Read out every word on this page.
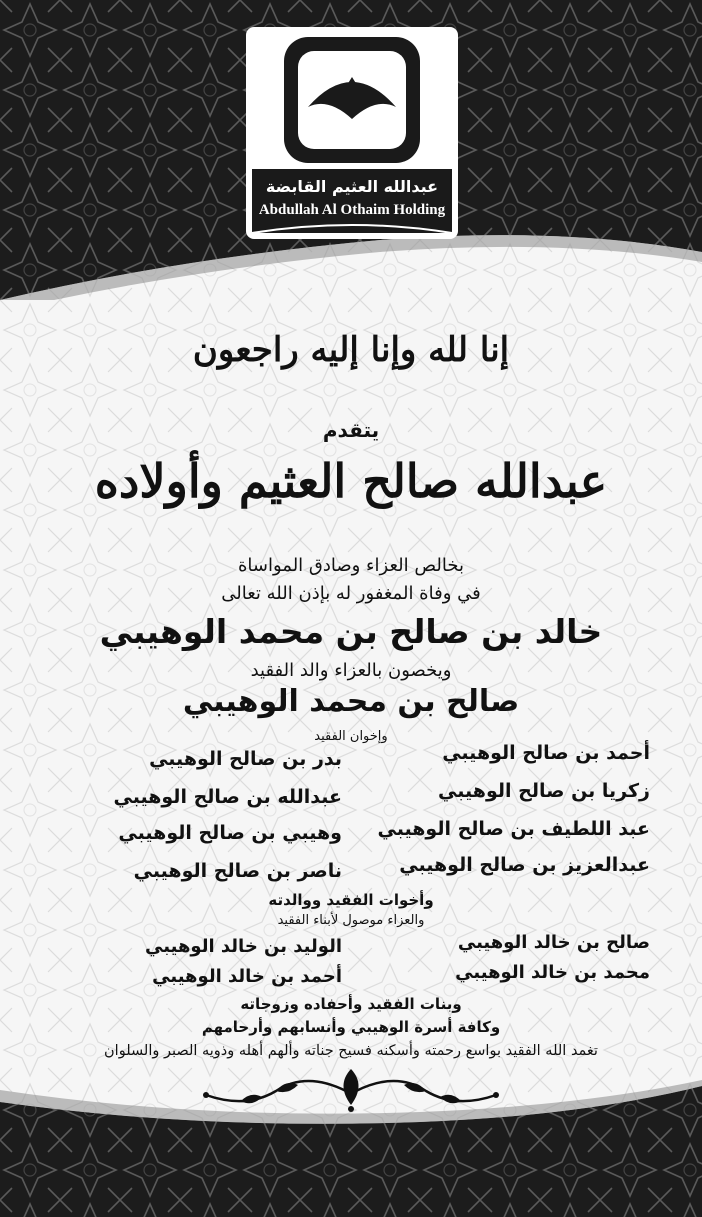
عبدالله العثيم القابضة
Abdullah Al Othaim Holding
إنا لله وإنا إليه راجعون
يتقدم
عبدالله صالح العثيم وأولاده
بخالص العزاء وصادق المواساة
في وفاة المغفور له بإذن الله تعالى
خالد بن صالح بن محمد الوهيبي
ويخصون بالعزاء والد الفقيد
صالح بن محمد الوهيبي
وإخوان الفقيد
أحمد بن صالح الوهيبي
بدر بن صالح الوهيبي
زكريا بن صالح الوهيبي
عبدالله بن صالح الوهيبي
عبد اللطيف بن صالح الوهيبي
وهيبي بن صالح الوهيبي
عبدالعزيز بن صالح الوهيبي
ناصر بن صالح الوهيبي
وأخوات الفقيد ووالدته
والعزاء موصول لأبناء الفقيد
صالح بن خالد الوهيبي
الوليد بن خالد الوهيبي
محمد بن خالد الوهيبي
أحمد بن خالد الوهيبي
وبنات الفقيد وأحفاده وزوجاته
وكافة أسرة الوهيبي وأنسابهم وأرحامهم
تغمد الله الفقيد بواسع رحمته وأسكنه فسيح جناته وألهم أهله وذويه الصبر والسلوان
